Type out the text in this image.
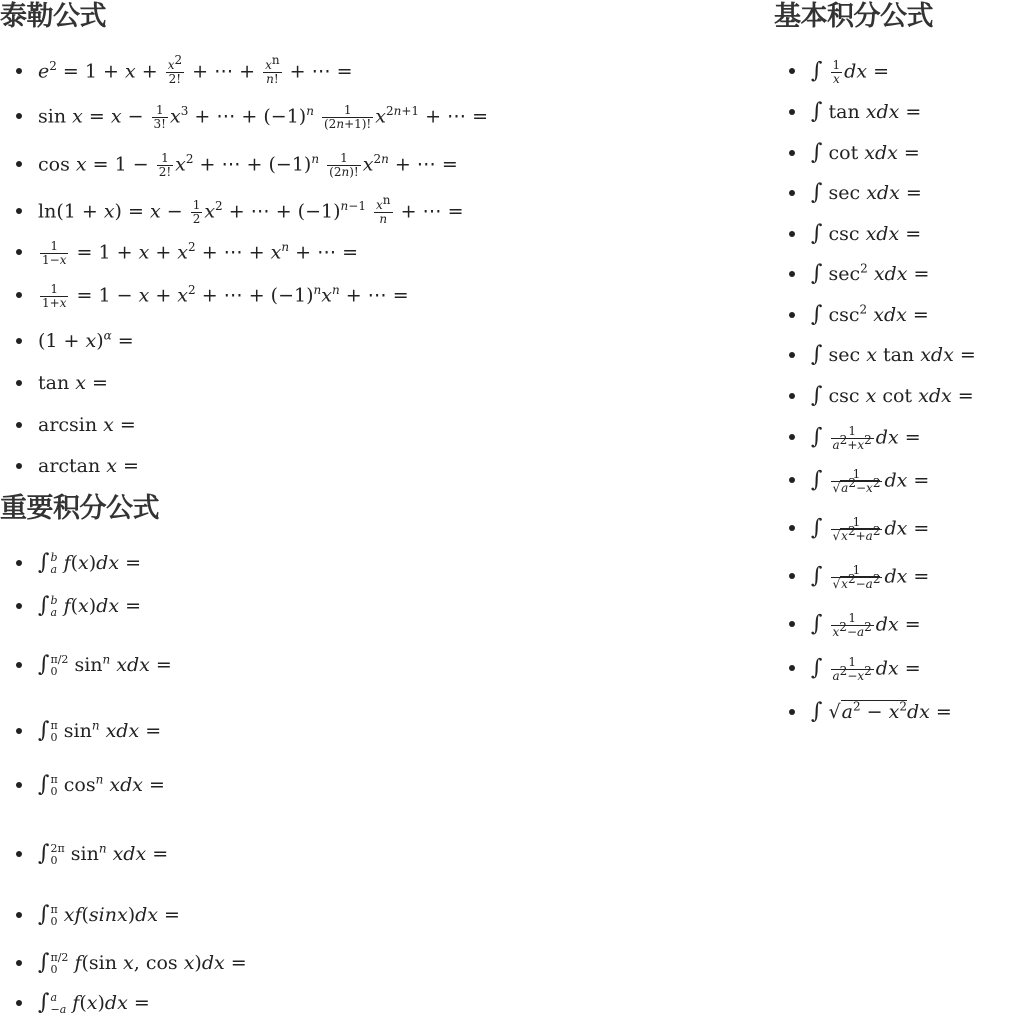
泰勒公式
$e^2 = 1 + x + \frac{x^2}{2!}$ + ⋯ + $\frac{x^n}{n!}$ + ⋯ =
$\sin x = x - \frac{1}{3!} x^3$ + ⋯ + $(-1)^n \frac{1}{(2n+1)!} x^{2n+1}$ + ⋯ =
$\cos x = 1 - \frac{1}{2!} x^2$ + ⋯ + $(-1)^n \frac{1}{(2n)!} x^{2n}$ + ⋯ =
$\ln(1 + x) = x - \frac{1}{2} x^2$ + ⋯ + $(-1)^{n-1} \frac{x^n}{n}$ + ⋯ =
$\frac{1}{1-x} = 1 + x + x^2$ + ⋯ + $x^n$ + ⋯ =
$\frac{1}{1+x} = 1 - x + x^2$ + ⋯ + $(-1)^nx^n$ + ⋯ =
$(1 + x)^\alpha$ =
tan x =
arcsin x =
arctan x =
重要积分公式
∫ b
a f(x)dx =
∫ b
a f(x)dx =
∫ π/2
0 $\sin^n$ xdx =
∫ π
0 $\sin^n$ xdx =
∫ π
0 $\cos^n$ xdx =
∫ 2π
0 $\sin^n$ xdx =
∫ π
0 xf(sinx)dx =
∫ π/2
0 f(sin x, cos x)dx =
∫ a
−a f(x)dx =
基本积分公式
∫ $\frac{1}{x}$ dx =
∫ tan xdx =
∫ cot xdx =
∫ sec xdx =
∫ csc xdx =
∫ $\sec^2$ xdx =
∫ $\csc^2$ xdx =
∫ sec x tan xdx =
∫ csc x cot xdx =
∫ $\frac{1}{a^2+x^2}$ dx =
∫ $\frac{1}{√a^2-x^2}$ dx =
∫ $\frac{1}{√x^2+a^2}$ dx =
∫ $\frac{1}{√x^2-a^2}$ dx =
∫ $\frac{1}{x^2-a^2}$ dx =
∫ $\frac{1}{a^2-x^2}$ dx =
∫ $√a^2 - x^2dx$ =
